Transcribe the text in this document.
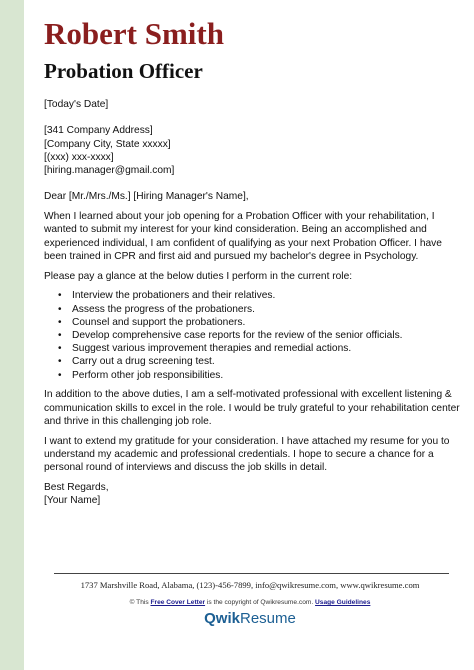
Robert Smith
Probation Officer
[Today's Date]
[341 Company Address]
[Company City, State xxxxx]
[(xxx) xxx-xxxx]
[hiring.manager@gmail.com]
Dear [Mr./Mrs./Ms.] [Hiring Manager's Name],
When I learned about your job opening for a Probation Officer with your rehabilitation, I
wanted to submit my interest for your kind consideration. Being an accomplished and
experienced individual, I am confident of qualifying as your next Probation Officer. I have
been trained in CPR and first aid and pursued my bachelor's degree in Psychology.
Please pay a glance at the below duties I perform in the current role:
• Interview the probationers and their relatives.
• Assess the progress of the probationers.
• Counsel and support the probationers.
• Develop comprehensive case reports for the review of the senior officials.
• Suggest various improvement therapies and remedial actions.
• Carry out a drug screening test.
• Perform other job responsibilities.
In addition to the above duties, I am a self-motivated professional with excellent listening &
communication skills to excel in the role. I would be truly grateful to your rehabilitation center
and thrive in this challenging job role.
I want to extend my gratitude for your consideration. I have attached my resume for you to
understand my academic and professional credentials. I hope to secure a chance for a
personal round of interviews and discuss the job skills in detail.
Best Regards,
[Your Name]
1737 Marshville Road, Alabama, (123)-456-7899, info@qwikresume.com, www.qwikresume.com
© This Free Cover Letter is the copyright of Qwikresume.com. Usage Guidelines
Qwik Resume
